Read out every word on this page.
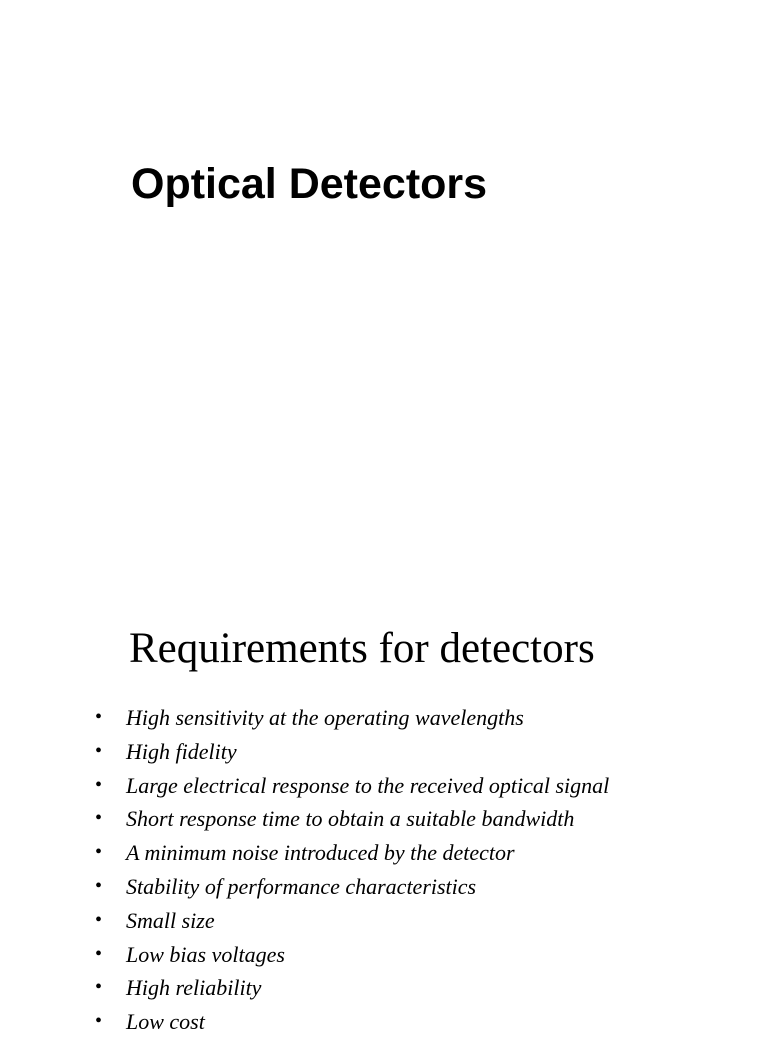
Optical Detectors
Requirements for detectors
• High sensitivity at the operating wavelengths
• High fidelity
• Large electrical response to the received optical signal
• Short response time to obtain a suitable bandwidth
• A minimum noise introduced by the detector
• Stability of performance characteristics
• Small size
• Low bias voltages
• High reliability
• Low cost
